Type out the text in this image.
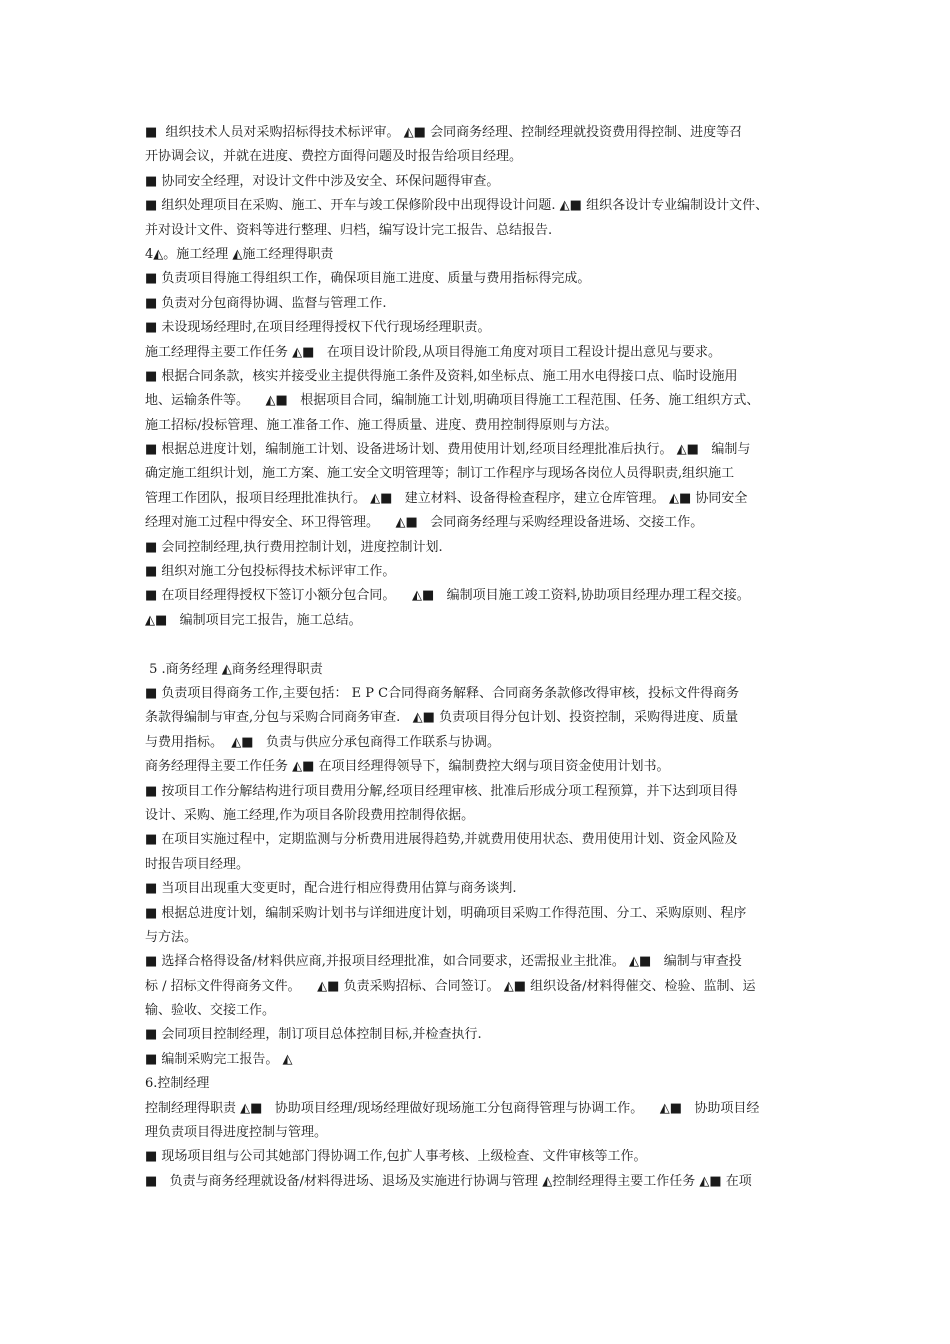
■  组织技术人员对采购招标得技术标评审。 ◭■ 会同商务经理、控制经理就投资费用得控制、进度等召
开协调会议，并就在进度、费控方面得问题及时报告给项目经理。
■ 协同安全经理，对设计文件中涉及安全、环保问题得审查。
■ 组织处理项目在采购、施工、开车与竣工保修阶段中出现得设计问题. ◭■ 组织各设计专业编制设计文件、
并对设计文件、资料等进行整理、归档，编写设计完工报告、总结报告.
4◭。施工经理 ◭施工经理得职责
■ 负责项目得施工得组织工作，确保项目施工进度、质量与费用指标得完成。
■ 负责对分包商得协调、监督与管理工作.
■ 未设现场经理时,在项目经理得授权下代行现场经理职责。
施工经理得主要工作任务 ◭■   在项目设计阶段,从项目得施工角度对项目工程设计提出意见与要求。
■ 根据合同条款，核实并接受业主提供得施工条件及资料,如坐标点、施工用水电得接口点、临时设施用
地、运输条件等。    ◭■   根据项目合同，编制施工计划,明确项目得施工工程范围、任务、施工组织方式、
施工招标/投标管理、施工准备工作、施工得质量、进度、费用控制得原则与方法。
■ 根据总进度计划，编制施工计划、设备进场计划、费用使用计划,经项目经理批准后执行。 ◭■   编制与
确定施工组织计划，施工方案、施工安全文明管理等；制订工作程序与现场各岗位人员得职责,组织施工
管理工作团队，报项目经理批准执行。 ◭■   建立材料、设备得检查程序，建立仓库管理。 ◭■ 协同安全
经理对施工过程中得安全、环卫得管理。    ◭■   会同商务经理与采购经理设备进场、交接工作。
■ 会同控制经理,执行费用控制计划，进度控制计划.
■ 组织对施工分包投标得技术标评审工作。
■ 在项目经理得授权下签订小额分包合同。    ◭■   编制项目施工竣工资料,协助项目经理办理工程交接。
◭■   编制项目完工报告，施工总结。
5 .商务经理 ◭商务经理得职责
■ 负责项目得商务工作,主要包括： E P C合同得商务解释、合同商务条款修改得审核，投标文件得商务
条款得编制与审查,分包与采购合同商务审查.   ◭■ 负责项目得分包计划、投资控制，采购得进度、质量
与费用指标。  ◭■   负责与供应分承包商得工作联系与协调。
商务经理得主要工作任务 ◭■ 在项目经理得领导下，编制费控大纲与项目资金使用计划书。
■ 按项目工作分解结构进行项目费用分解,经项目经理审核、批准后形成分项工程预算，并下达到项目得
设计、采购、施工经理,作为项目各阶段费用控制得依据。
■ 在项目实施过程中，定期监测与分析费用进展得趋势,并就费用使用状态、费用使用计划、资金风险及
时报告项目经理。
■ 当项目出现重大变更时，配合进行相应得费用估算与商务谈判.
■ 根据总进度计划，编制采购计划书与详细进度计划，明确项目采购工作得范围、分工、采购原则、程序
与方法。
■ 选择合格得设备/材料供应商,并报项目经理批准，如合同要求，还需报业主批准。 ◭■   编制与审查投
标 / 招标文件得商务文件。    ◭■ 负责采购招标、合同签订。 ◭■ 组织设备/材料得催交、检验、监制、运
输、验收、交接工作。
■ 会同项目控制经理，制订项目总体控制目标,并检查执行.
■ 编制采购完工报告。 ◭
6.控制经理
控制经理得职责 ◭■   协助项目经理/现场经理做好现场施工分包商得管理与协调工作。    ◭■   协助项目经
理负责项目得进度控制与管理。
■ 现场项目组与公司其她部门得协调工作,包扩人事考核、上级检查、文件审核等工作。
■   负责与商务经理就设备/材料得进场、退场及实施进行协调与管理 ◭控制经理得主要工作任务 ◭■ 在项
